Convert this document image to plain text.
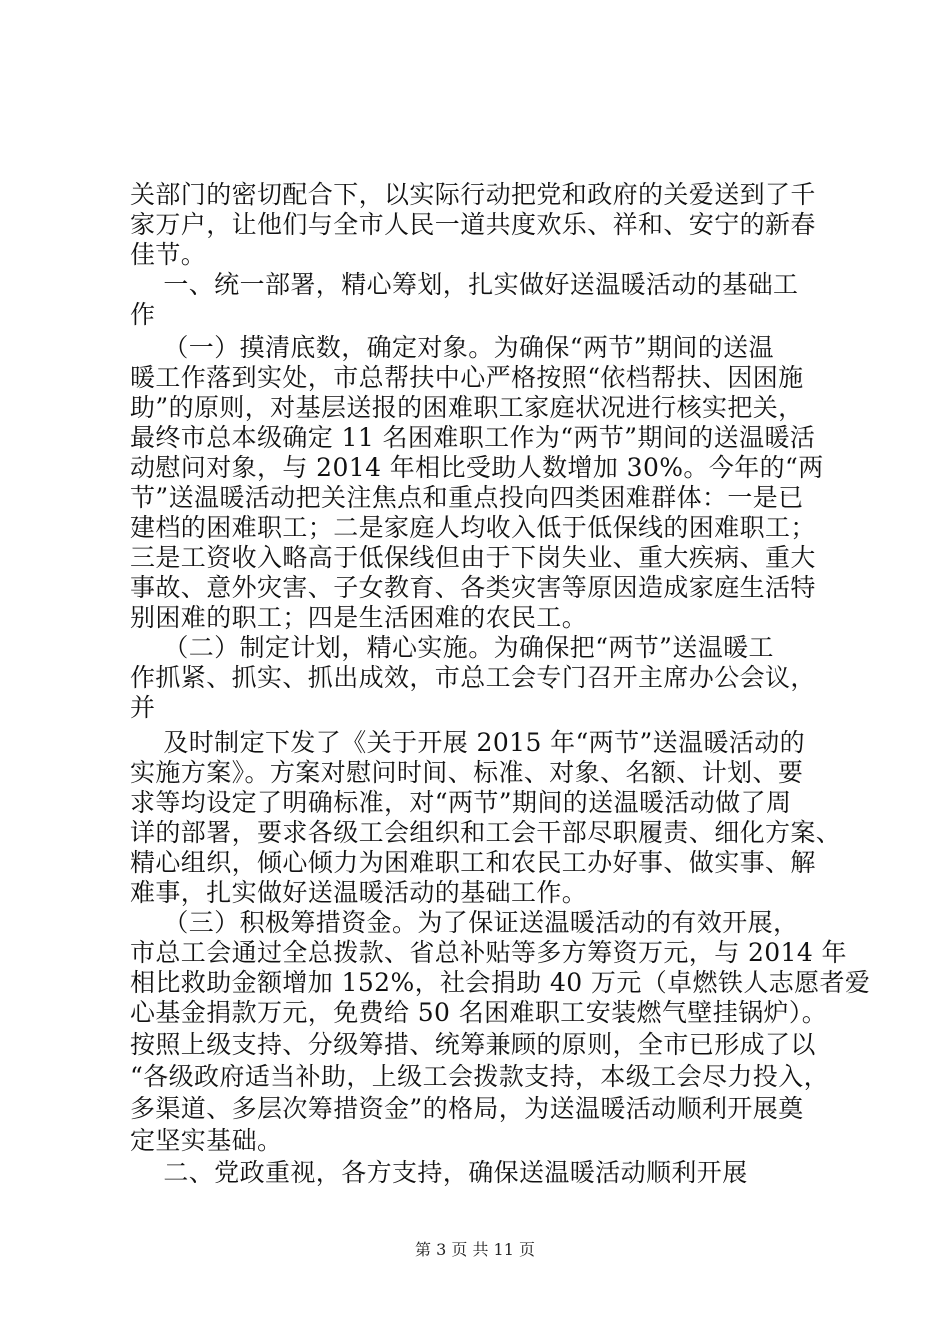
关部门的密切配合下，以实际行动把党和政府的关爱送到了千
家万户，让他们与全市人民一道共度欢乐、祥和、安宁的新春
佳节。
一、统一部署，精心筹划，扎实做好送温暖活动的基础工
作
（一）摸清底数，确定对象。为确保“两节”期间的送温
暖工作落到实处，市总帮扶中心严格按照“依档帮扶、因困施
助”的原则，对基层送报的困难职工家庭状况进行核实把关，
最终市总本级确定 11 名困难职工作为“两节”期间的送温暖活
动慰问对象，与 2014 年相比受助人数增加 30%。今年的“两
节”送温暖活动把关注焦点和重点投向四类困难群体：一是已
建档的困难职工；二是家庭人均收入低于低保线的困难职工；
三是工资收入略高于低保线但由于下岗失业、重大疾病、重大
事故、意外灾害、子女教育、各类灾害等原因造成家庭生活特
别困难的职工；四是生活困难的农民工。
（二）制定计划，精心实施。为确保把“两节”送温暖工
作抓紧、抓实、抓出成效，市总工会专门召开主席办公会议，
并
及时制定下发了《关于开展 2015 年“两节”送温暖活动的
实施方案》。方案对慰问时间、标准、对象、名额、计划、要
求等均设定了明确标准，对“两节”期间的送温暖活动做了周
详的部署，要求各级工会组织和工会干部尽职履责、细化方案、
精心组织，倾心倾力为困难职工和农民工办好事、做实事、解
难事，扎实做好送温暖活动的基础工作。
（三）积极筹措资金。为了保证送温暖活动的有效开展，
市总工会通过全总拨款、省总补贴等多方筹资万元，与 2014 年
相比救助金额增加 152%，社会捐助 40 万元（卓燃铁人志愿者爱
心基金捐款万元，免费给 50 名困难职工安装燃气壁挂锅炉）。
按照上级支持、分级筹措、统筹兼顾的原则，全市已形成了以
“各级政府适当补助，上级工会拨款支持，本级工会尽力投入，
多渠道、多层次筹措资金”的格局，为送温暖活动顺利开展奠
定坚实基础。
二、党政重视，各方支持，确保送温暖活动顺利开展
第 3 页 共 11 页
